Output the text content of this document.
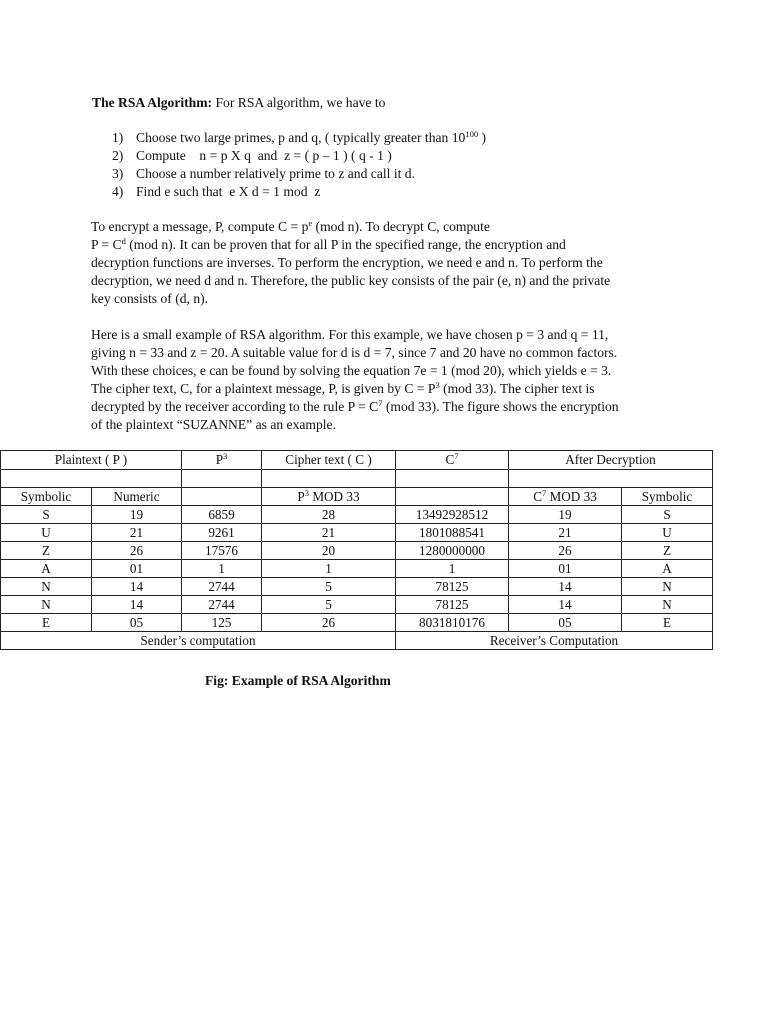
The RSA Algorithm: For RSA algorithm, we have to
1) Choose two large primes, p and q, ( typically greater than $10^{100}$ )
2) Compute    n = p X q  and  z = ( p – 1 ) ( q - 1 )
3) Choose a number relatively prime to z and call it d.
4) Find e such that  e X d = 1 mod  z
To encrypt a message, P, compute $C = p^e$ (mod n). To decrypt C, compute
$P = C^d$ (mod n). It can be proven that for all P in the specified range, the encryption and
decryption functions are inverses. To perform the encryption, we need e and n. To perform the
decryption, we need d and n. Therefore, the public key consists of the pair (e, n) and the private
key consists of (d, n).
Here is a small example of RSA algorithm. For this example, we have chosen p = 3 and q = 11,
giving n = 33 and z = 20. A suitable value for d is d = 7, since 7 and 20 have no common factors.
With these choices, e can be found by solving the equation 7e = 1 (mod 20), which yields e = 3.
The cipher text, C, for a plaintext message, P, is given by $C = P^3$ (mod 33). The cipher text is
decrypted by the receiver according to the rule $P = C^7$ (mod 33). The figure shows the encryption
of the plaintext “SUZANNE” as an example.
Plaintext ( P )		$P^3$	Cipher text ( C )	$C^7$	After Decryption	

Symbolic	Numeric		$P^3$ MOD 33		$C^7$ MOD 33	Symbolic
S	19	6859	28	13492928512	19	S
U	21	9261	21	1801088541	21	U
Z	26	17576	20	1280000000	26	Z
A	01	1	1	1	01	A
N	14	2744	5	78125	14	N
N	14	2744	5	78125	14	N
E	05	125	26	8031810176	05	E
Sender’s computation				Receiver’s Computation		
Fig: Example of RSA Algorithm
